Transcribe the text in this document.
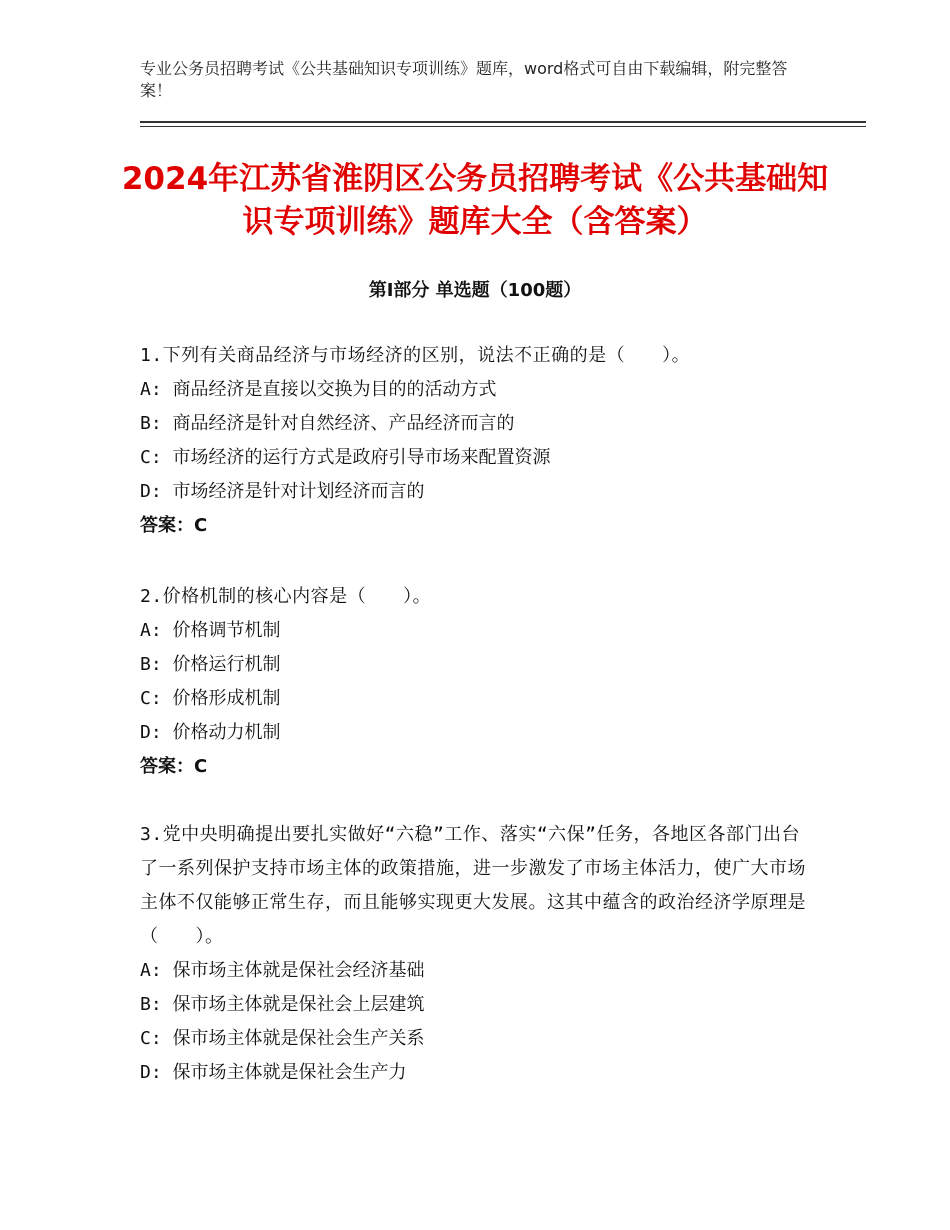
专业公务员招聘考试《公共基础知识专项训练》题库，word格式可自由下载编辑，附完整答案！
2024年江苏省淮阴区公务员招聘考试《公共基础知识专项训练》题库大全（含答案）
第Ⅰ部分 单选题（100题）
1.下列有关商品经济与市场经济的区别，说法不正确的是（　　）。
A: 商品经济是直接以交换为目的的活动方式
B: 商品经济是针对自然经济、产品经济而言的
C: 市场经济的运行方式是政府引导市场来配置资源
D: 市场经济是针对计划经济而言的
答案：C
2.价格机制的核心内容是（　　）。
A: 价格调节机制
B: 价格运行机制
C: 价格形成机制
D: 价格动力机制
答案：C
3.党中央明确提出要扎实做好“六稳”工作、落实“六保”任务，各地区各部门出台了一系列保护支持市场主体的政策措施，进一步激发了市场主体活力，使广大市场主体不仅能够正常生存，而且能够实现更大发展。这其中蕴含的政治经济学原理是（　　）。
A: 保市场主体就是保社会经济基础
B: 保市场主体就是保社会上层建筑
C: 保市场主体就是保社会生产关系
D: 保市场主体就是保社会生产力
